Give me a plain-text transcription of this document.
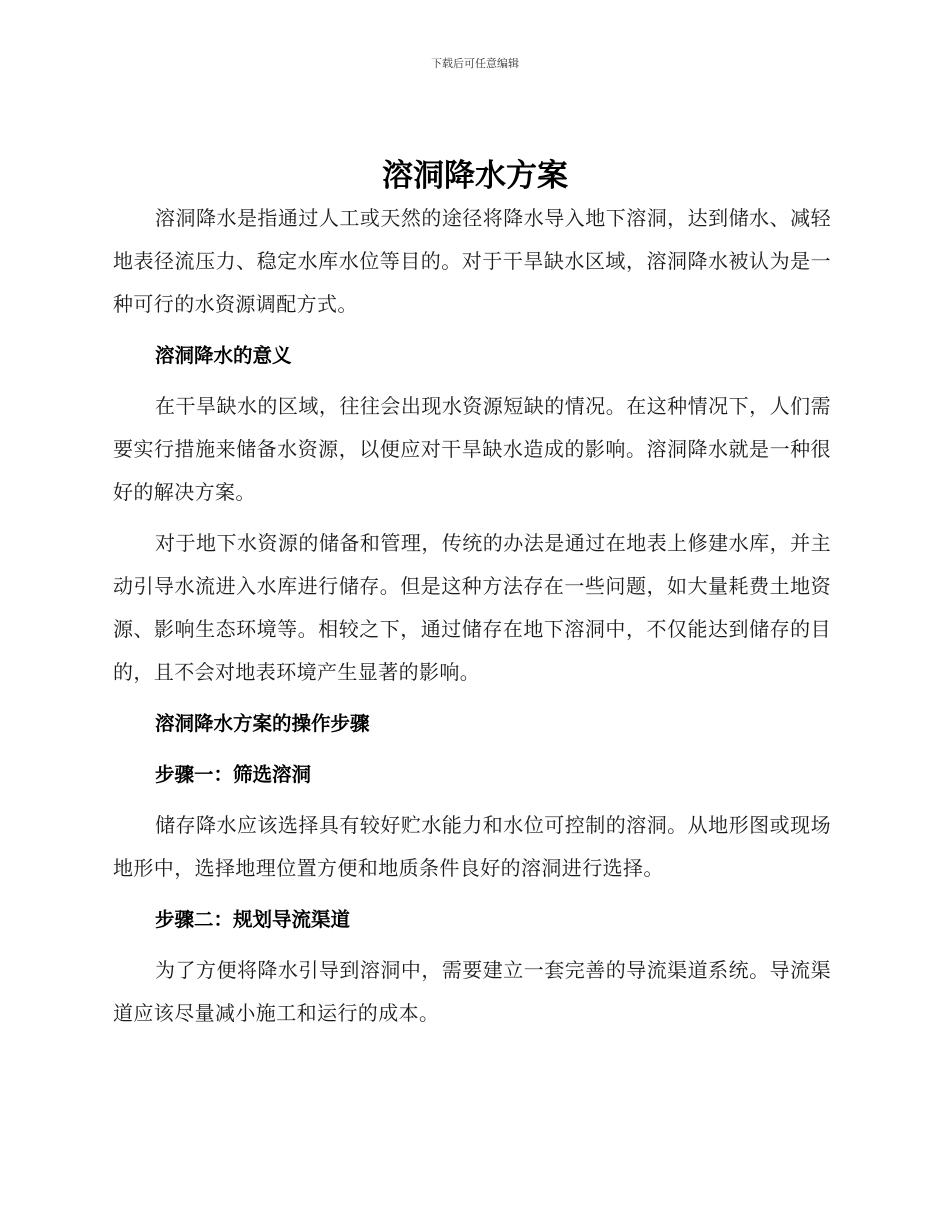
下载后可任意编辑
溶洞降水方案

溶洞降水是指通过人工或天然的途径将降水导入地下溶洞，达到储水、减轻地表径流压力、稳定水库水位等目的。对于干旱缺水区域，溶洞降水被认为是一种可行的水资源调配方式。

溶洞降水的意义

在干旱缺水的区域，往往会出现水资源短缺的情况。在这种情况下，人们需要实行措施来储备水资源，以便应对干旱缺水造成的影响。溶洞降水就是一种很好的解决方案。

对于地下水资源的储备和管理，传统的办法是通过在地表上修建水库，并主动引导水流进入水库进行储存。但是这种方法存在一些问题，如大量耗费土地资源、影响生态环境等。相较之下，通过储存在地下溶洞中，不仅能达到储存的目的，且不会对地表环境产生显著的影响。

溶洞降水方案的操作步骤

步骤一：筛选溶洞

储存降水应该选择具有较好贮水能力和水位可控制的溶洞。从地形图或现场地形中，选择地理位置方便和地质条件良好的溶洞进行选择。

步骤二：规划导流渠道

为了方便将降水引导到溶洞中，需要建立一套完善的导流渠道系统。导流渠道应该尽量减小施工和运行的成本。
